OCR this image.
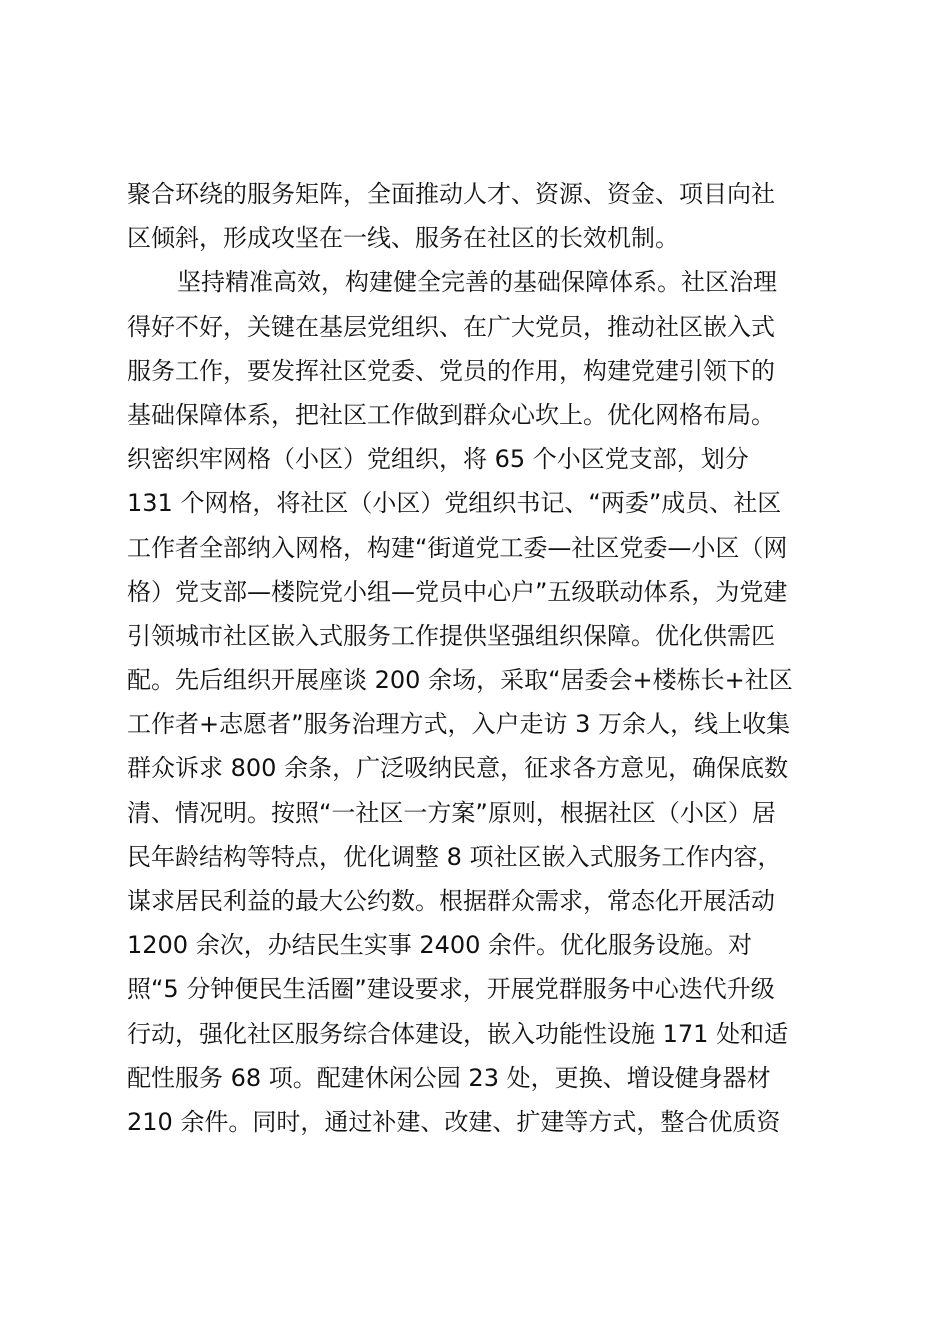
聚合环绕的服务矩阵，全面推动人才、资源、资金、项目向社
区倾斜，形成攻坚在一线、服务在社区的长效机制。
坚持精准高效，构建健全完善的基础保障体系。社区治理
得好不好，关键在基层党组织、在广大党员，推动社区嵌入式
服务工作，要发挥社区党委、党员的作用，构建党建引领下的
基础保障体系，把社区工作做到群众心坎上。优化网格布局。
织密织牢网格（小区）党组织，将 65 个小区党支部，划分
131 个网格，将社区（小区）党组织书记、“两委”成员、社区
工作者全部纳入网格，构建“街道党工委—社区党委—小区（网
格）党支部—楼院党小组—党员中心户”五级联动体系，为党建
引领城市社区嵌入式服务工作提供坚强组织保障。优化供需匹
配。先后组织开展座谈 200 余场，采取“居委会+楼栋长+社区
工作者+志愿者”服务治理方式，入户走访 3 万余人，线上收集
群众诉求 800 余条，广泛吸纳民意，征求各方意见，确保底数
清、情况明。按照“一社区一方案”原则，根据社区（小区）居
民年龄结构等特点，优化调整 8 项社区嵌入式服务工作内容，
谋求居民利益的最大公约数。根据群众需求，常态化开展活动
1200 余次，办结民生实事 2400 余件。优化服务设施。对
照“5 分钟便民生活圈”建设要求，开展党群服务中心迭代升级
行动，强化社区服务综合体建设，嵌入功能性设施 171 处和适
配性服务 68 项。配建休闲公园 23 处，更换、增设健身器材
210 余件。同时，通过补建、改建、扩建等方式，整合优质资
